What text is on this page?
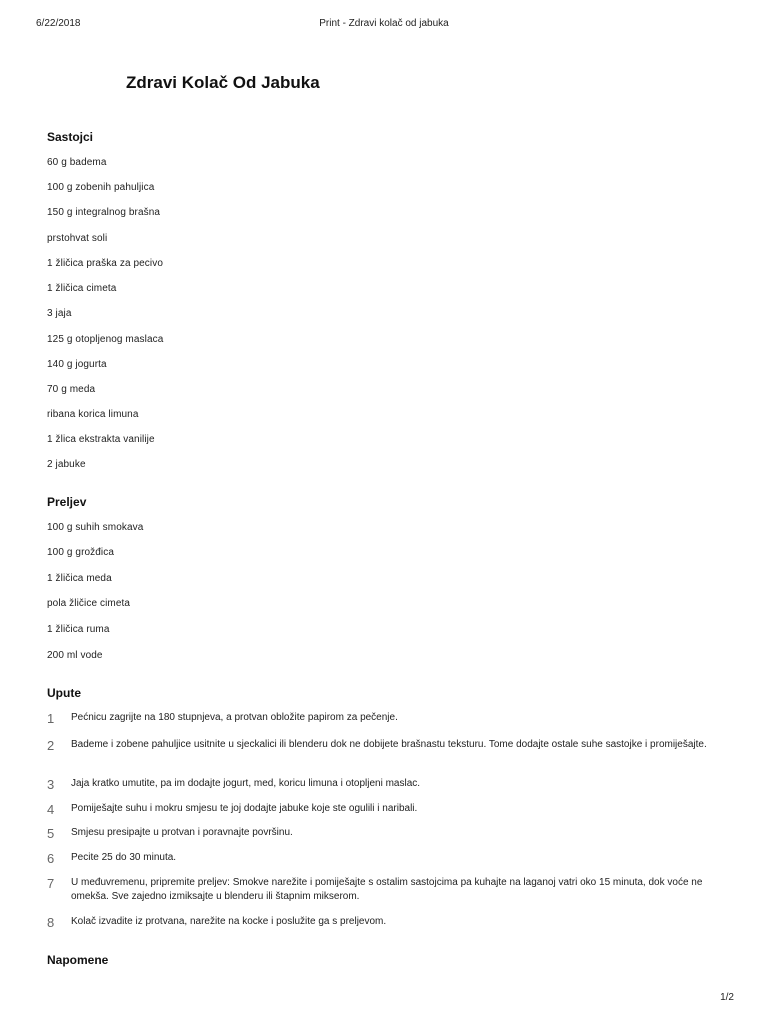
6/22/2018	Print - Zdravi kolač od jabuka
Zdravi Kolač Od Jabuka
Sastojci
60 g badema
100 g zobenih pahuljica
150 g integralnog brašna
prstohvat soli
1 žličica praška za pecivo
1 žličica cimeta
3 jaja
125 g otopljenog maslaca
140 g jogurta
70 g meda
ribana korica limuna
1 žlica ekstrakta vanilije
2 jabuke
Preljev
100 g suhih smokava
100 g grožđica
1 žličica meda
pola žličice cimeta
1 žličica ruma
200 ml vode
Upute
1 Pećnicu zagrijte na 180 stupnjeva, a protvan obložite papirom za pečenje.
2 Bademe i zobene pahuljice usitnite u sjeckalici ili blenderu dok ne dobijete brašnastu teksturu. Tome dodajte ostale suhe sastojke i promiješajte.
3 Jaja kratko umutite, pa im dodajte jogurt, med, koricu limuna i otopljeni maslac.
4 Pomiješajte suhu i mokru smjesu te joj dodajte jabuke koje ste ogulili i naribali.
5 Smjesu presipajte u protvan i poravnajte površinu.
6 Pecite 25 do 30 minuta.
7 U međuvremenu, pripremite preljev: Smokve narežite i pomiješajte s ostalim sastojcima pa kuhajte na laganoj vatri oko 15 minuta, dok voće ne omekša. Sve zajedno izmiksajte u blenderu ili štapnim mikserom.
8 Kolač izvadite iz protvana, narežite na kocke i poslužite ga s preljevom.
Napomene
1/2
